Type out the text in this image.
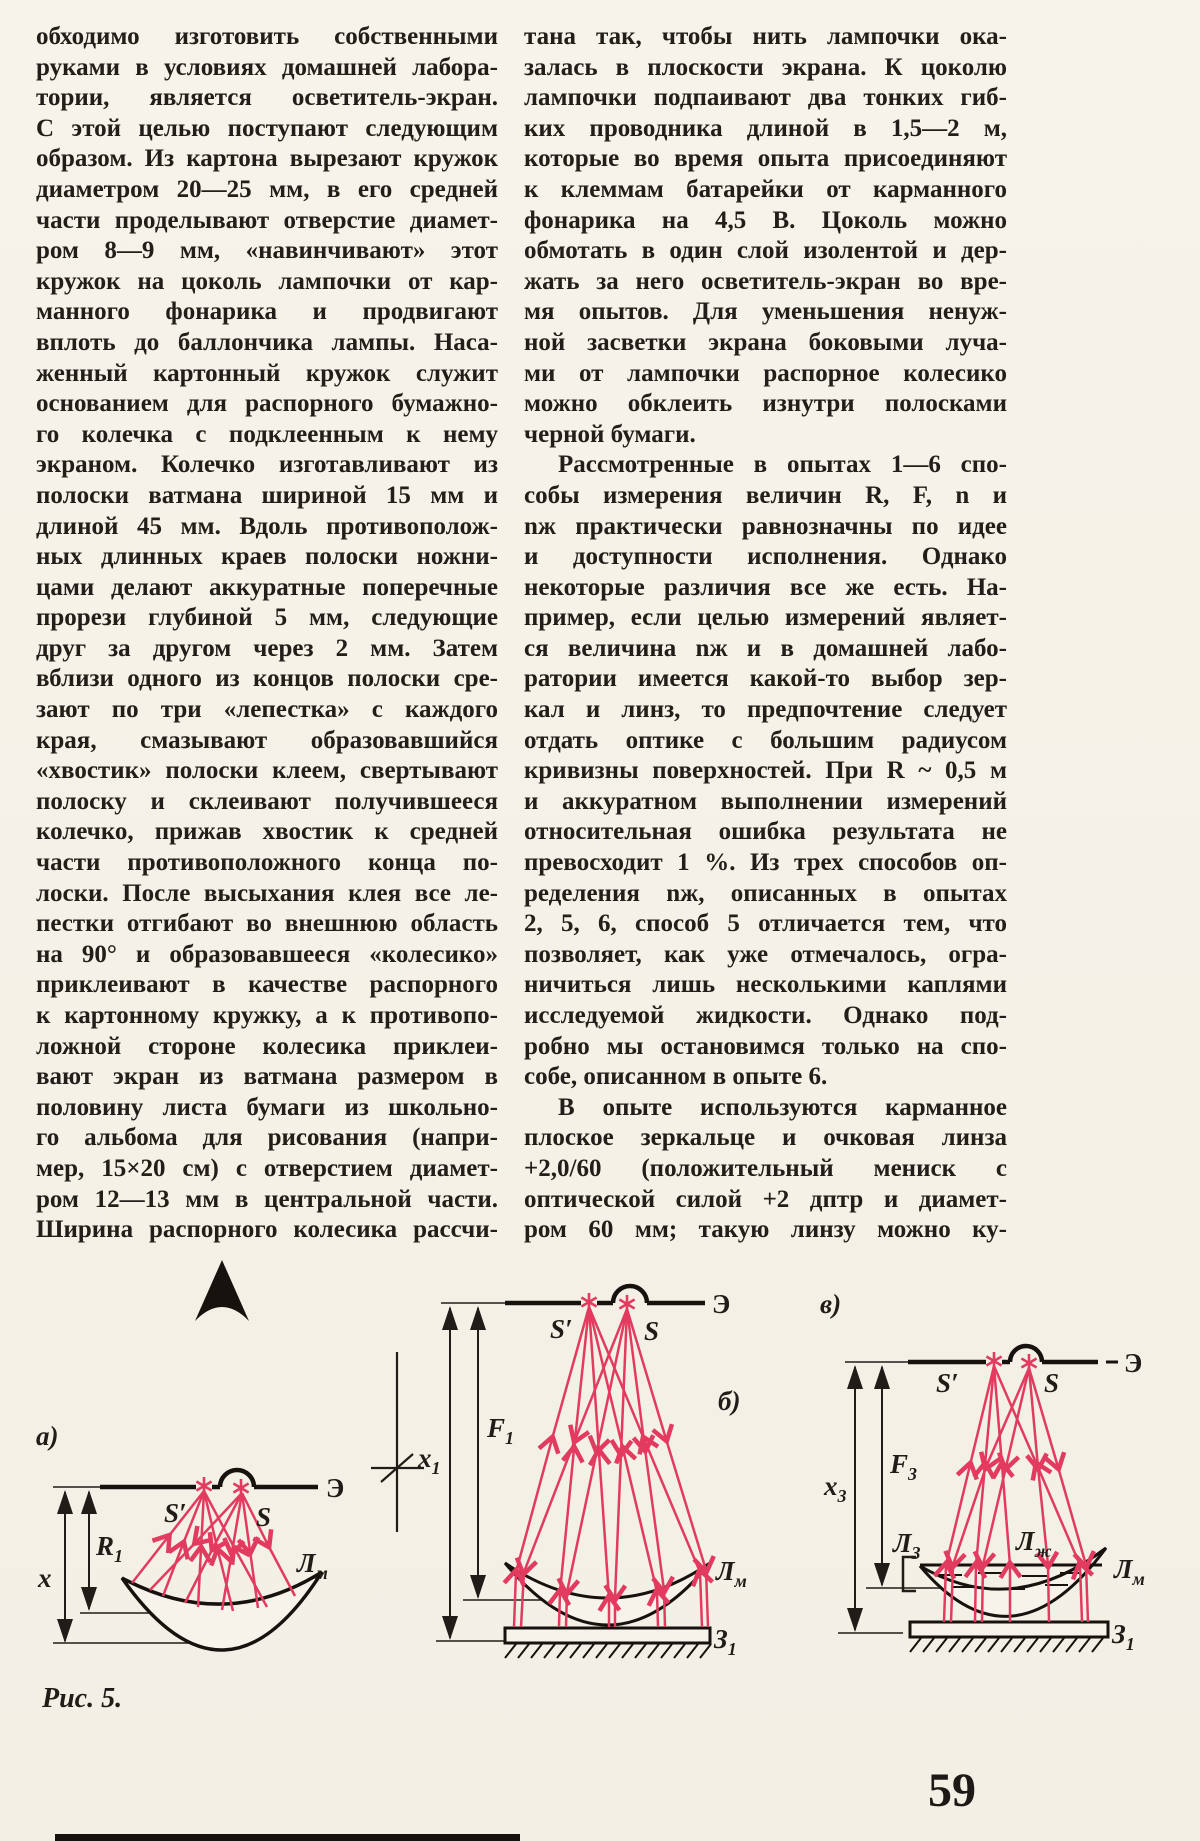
обходимо изготовить собственными
руками в условиях домашней лабора-
тории, является осветитель-экран.
С этой целью поступают следующим
образом. Из картона вырезают кружок
диаметром 20—25 мм, в его средней
части проделывают отверстие диамет-
ром 8—9 мм, «навинчивают» этот
кружок на цоколь лампочки от кар-
манного фонарика и продвигают
вплоть до баллончика лампы. Наса-
женный картонный кружок служит
основанием для распорного бумажно-
го колечка с подклеенным к нему
экраном. Колечко изготавливают из
полоски ватмана шириной 15 мм и
длиной 45 мм. Вдоль противополож-
ных длинных краев полоски ножни-
цами делают аккуратные поперечные
прорези глубиной 5 мм, следующие
друг за другом через 2 мм. Затем
вблизи одного из концов полоски сре-
зают по три «лепестка» с каждого
края, смазывают образовавшийся
«хвостик» полоски клеем, свертывают
полоску и склеивают получившееся
колечко, прижав хвостик к средней
части противоположного конца по-
лоски. После высыхания клея все ле-
пестки отгибают во внешнюю область
на 90° и образовавшееся «колесико»
приклеивают в качестве распорного
к картонному кружку, а к противопо-
ложной стороне колесика приклеи-
вают экран из ватмана размером в
половину листа бумаги из школьно-
го альбома для рисования (напри-
мер, 15×20 см) с отверстием диамет-
ром 12—13 мм в центральной части.
Ширина распорного колесика рассчи-
тана так, чтобы нить лампочки ока-
залась в плоскости экрана. К цоколю
лампочки подпаивают два тонких гиб-
ких проводника длиной в 1,5—2 м,
которые во время опыта присоединяют
к клеммам батарейки от карманного
фонарика на 4,5 В. Цоколь можно
обмотать в один слой изолентой и дер-
жать за него осветитель-экран во вре-
мя опытов. Для уменьшения ненуж-
ной засветки экрана боковыми луча-
ми от лампочки распорное колесико
можно обклеить изнутри полосками
черной бумаги.
Рассмотренные в опытах 1—6 спо-
собы измерения величин R, F, n и
nж практически равнозначны по идее
и доступности исполнения. Однако
некоторые различия все же есть. На-
пример, если целью измерений являет-
ся величина nж и в домашней лабо-
ратории имеется какой-то выбор зер-
кал и линз, то предпочтение следует
отдать оптике с большим радиусом
кривизны поверхностей. При R ~ 0,5 м
и аккуратном выполнении измерений
относительная ошибка результата не
превосходит 1 %. Из трех способов оп-
ределения nж, описанных в опытах
2, 5, 6, способ 5 отличается тем, что
позволяет, как уже отмечалось, огра-
ничиться лишь несколькими каплями
исследуемой жидкости. Однако под-
робно мы остановимся только на спо-
собе, описанном в опыте 6.
В опыте используются карманное
плоское зеркальце и очковая линза
+2,0/60 (положительный мениск с
оптической силой +2 дптр и диамет-
ром 60 мм; такую линзу можно ку-
а)
x
$R_1$
Э
S′	S
$Л_м$
б)
$x_1$
$F_1$
Э
S′	S
$Л_м$
$З_1$
в)
$x_3$
$F_3$
$Л_3$
Э
S′	S
$Л_ж$
$Л_м$
$З_1$
Рис. 5.
59
